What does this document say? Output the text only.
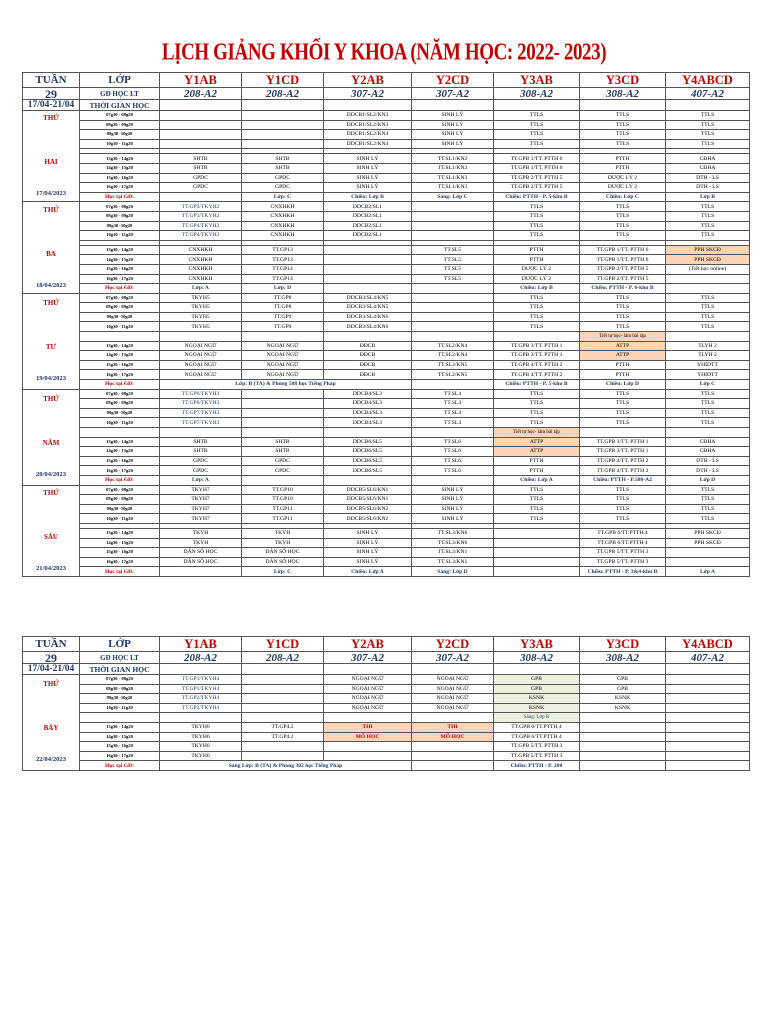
LỊCH GIẢNG KHỐI Y KHOA (NĂM HỌC: 2022- 2023)
TUẦN	LỚP	Y1AB	Y1CD	Y2AB	Y2CD	Y3AB	Y3CD	Y4ABCD
29	GĐ HỌC LT	208-A2	208-A2	307-A2	307-A2	308-A2	308-A2	407-A2
17/04-21/04	THỜI GIAN HỌC							

THỨ
HAI
17/04/2023	07g30 - 08g20			DDCB1/SL2/KN3	SINH LÝ	TTLS	TTLS	TTLS
	08g30 - 09g20			DDCB1/SL2/KN3	SINH LÝ	TTLS	TTLS	TTLS
	09g30 -10g20			DDCB1/SL2/KN4	SINH LÝ	TTLS	TTLS	TTLS
	10g30 - 11g20			DDCB1/SL2/KN4	SINH LÝ	TTLS	TTLS	TTLS

	13g30 - 14g20	SHTB	SHTB	SINH LÝ	TT.SL1/KN2	TT.GPB 1/TT. PTTH 6	PTTH	CĐHA
	14g30 - 15g20	SHTB	SHTB	SINH LÝ	TT.SL1/KN2	TT.GPB 1/TT. PTTH 6	PTTH	CĐHA
	15g30 - 16g20	GPDC	GPDC	SINH LÝ	TT.SL1/KN3	TT.GPB 2/TT. PTTH 5	DƯỢC LÝ 2	DTH - LS
	16g30 - 17g20	GPDC	GPDC	SINH LÝ	TT.SL1/KN3	TT.GPB 2/TT. PTTH 5	DƯỢC LÝ 2	DTH - LS
	Học tại GĐ:		Lớp: C	Chiều: Lớp B	Sáng: Lớp C	Chiều: PTTH - P. 5-khu B	Chiều: Lớp C	Lớp B

THỨ
BA
18/04/2023	07g30 - 08g20	TT.GP3/TKYH2	CNXHKH	DDCB2/SL1		TTLS	TTLS	TTLS
	08g30 - 09g20	TT.GP3/TKYH2	CNXHKH	DDCB2/SL1		TTLS	TTLS	TTLS
	09g30 -10g20	TT.GP4/TKYH2	CNXHKH	DDCB2/SL1		TTLS	TTLS	TTLS
	10g30 - 11g20	TT.GP4/TKYH2	CNXHKH	DDCB2/SL1		TTLS	TTLS	TTLS

	13g30 - 14g20	CNXHKH	TT.GP13		TT.SL5	PTTH	TT.GPB 1/TT. PTTH 6	PPH SKCĐ
	14g30 - 15g20	CNXHKH	TT.GP13		TT.SL5	PTTH	TT.GPB 1/TT. PTTH 6	PPH SKCĐ
	15g30 - 16g20	CNXHKH	TT.GP14		TT.SL5	DƯỢC LÝ 2	TT.GPB 2/TT. PTTH 5	(Tiết học online)
	16g30 - 17g20	CNXHKH	TT.GP14		TT.SL5	DƯỢC LÝ 2	TT.GPB 2/TT. PTTH 5	
	Học tại GĐ:	Lớp: A	Lớp: D			Chiều: Lớp B	Chiều: PTTH - P. 6-khu B	

THỨ
TƯ
19/04/2023	07g30 - 08g20	TKYH5	TT.GP8	DDCB3/SL4/KN5		TTLS	TTLS	TTLS
	08g30 - 09g20	TKYH5	TT.GP8	DDCB3/SL4/KN5		TTLS	TTLS	TTLS
	09g30 -10g20	TKYH5	TT.GP9	DDCB3/SL4/KN6		TTLS	TTLS	TTLS
	10g30 - 11g20	TKYH5	TT.GP9	DDCB3/SL4/KN6		TTLS	TTLS	TTLS
							Tiết tự học- làm bài tập	
	13g30 - 14g20	NGOẠI NGỮ	NGOẠI NGỮ	ĐĐCB	TT.SL2/KN4	TT.GPB 3/TT. PTTH 1	ATTP	TLYH 2
	14g30 - 15g20	NGOẠI NGỮ	NGOẠI NGỮ	ĐĐCB	TT.SL2/KN4	TT.GPB 3/TT. PTTH 1	ATTP	TLYH 2
	15g30 - 16g20	NGOẠI NGỮ	NGOẠI NGỮ	ĐĐCB	TT.SL2/KN5	TT.GPB 4/TT. PTTH 2	PTTH	YHIDTT
	16g30 - 17g20	NGOẠI NGỮ	NGOẠI NGỮ	ĐĐCB	TT.SL2/KN5	TT.GPB 4/TT. PTTH 2	PTTH	YHIDTT
	Học tại GĐ:	Lớp: B (TA) & Phòng 508 học Tiếng Pháp				Chiều: PTTH - P. 5-khu B	Chiều: Lớp D	Lớp C

THỨ
NĂM
20/04/2023	07g30 - 08g20	TT.GP6/TKYH3		DDCB4/SL3	TT.SL4	TTLS	TTLS	TTLS
	08g30 - 09g20	TT.GP6/TKYH3		DDCB4/SL3	TT.SL4	TTLS	TTLS	TTLS
	09g30 -10g20	TT.GP7/TKYH3		DDCB4/SL3	TT.SL4	TTLS	TTLS	TTLS
	10g30 - 11g20	TT.GP7/TKYH3		DDCB4/SL3	TT.SL4	TTLS	TTLS	TTLS
						Tiết tự học- làm bài tập		
	13g30 - 14g20	SHTB	SHTB	DDCB6/SL5	TT.SL6	ATTP	TT.GPB 3/TT. PTTH 1	CĐHA
	14g30 - 15g20	SHTB	SHTB	DDCB6/SL5	TT.SL6	ATTP	TT.GPB 3/TT. PTTH 1	CĐHA
	15g30 - 16g20	GPDC	GPDC	DDCB6/SL5	TT.SL6	PTTH	TT.GPB 4/TT. PTTH 2	DTH - LS
	16g30 - 17g20	GPDC	GPDC	DDCB6/SL5	TT.SL6	PTTH	TT.GPB 4/TT. PTTH 2	DTH - LS
	Học tại GĐ:	Lớp: A				Chiều: Lớp A	Chiều: PTTH - P.508-A2	Lớp D

THỨ
SÁU
21/04/2023	07g30 - 08g20	TKYH7	TT.GP10	DDCB5/SL6/KN1	SINH LÝ	TTLS	TTLS	TTLS
	08g30 - 09g20	TKYH7	TT.GP10	DDCB5/SL6/KN1	SINH LÝ	TTLS	TTLS	TTLS
	09g30 -10g20	TKYH7	TT.GP11	DDCB5/SL6/KN2	SINH LÝ	TTLS	TTLS	TTLS
	10g30 - 11g20	TKYH7	TT.GP11	DDCB5/SL6/KN2	SINH LÝ	TTLS	TTLS	TTLS

	13g30 - 14g20	TKYH	TKYH	SINH LÝ	TT.SL3/KN6		TT.GPB 6/TT.PTTH 4	PPH SKCĐ
	14g30 - 15g20	TKYH	TKYH	SINH LÝ	TT.SL3/KN6		TT.GPB 6/TT.PTTH 4	PPH SKCĐ
	15g30 - 16g20	DÂN SỐ HỌC	DÂN SỐ HỌC	SINH LÝ	TT.SL3/KN1		TT.GPB 5/TT. PTTH 3	
	16g30 - 17g20	DÂN SỐ HỌC	DÂN SỐ HỌC	SINH LÝ	TT.SL3/KN1		TT.GPB 5/TT. PTTH 3	
	Học tại GĐ:		Lớp: C	Chiều: Lớp A	Sáng: Lớp D		Chiều: PTTH - P. 3&4-khu B	Lớp A
TUẦN	LỚP	Y1AB	Y1CD	Y2AB	Y2CD	Y3AB	Y3CD	Y4ABCD
29	GĐ HỌC LT	208-A2	208-A2	307-A2	307-A2	308-A2	308-A2	407-A2
17/04-21/04	THỜI GIAN HỌC							

THỨ
BẢY
22/04/2023	07g30 - 08g20	TT.GP1/TKYH4		NGOẠI NGỮ	NGOẠI NGỮ	GPB	GPB	
	08g30 - 09g20	TT.GP1/TKYH4		NGOẠI NGỮ	NGOẠI NGỮ	GPB	GPB	
	09g30 -10g20	TT.GP2/TKYH4		NGOẠI NGỮ	NGOẠI NGỮ	KSNK	KSNK	
	10g30 - 11g20	TT.GP2/TKYH4		NGOẠI NGỮ	NGOẠI NGỮ	KSNK	KSNK	
						Sáng: Lớp B		
	13g30 - 14g20	TKYH6	TT.GP4.2	THI	THI	TT.GPB 6/TT.PTTH 4		
	14g30 - 15g20	TKYH6	TT.GP4.2	MÔ HỌC	MÔ HỌC	TT.GPB 6/TT.PTTH 4		
	15g30 - 16g20	TKYH6				TT.GPB 5/TT. PTTH 3		
	16g30 - 17g20	TKYH6				TT.GPB 5/TT. PTTH 3		
	Học tại GĐ:	Sáng Lớp: B (TA) & Phòng 302 học Tiếng Pháp				Chiều: PTTH - P. 208		
